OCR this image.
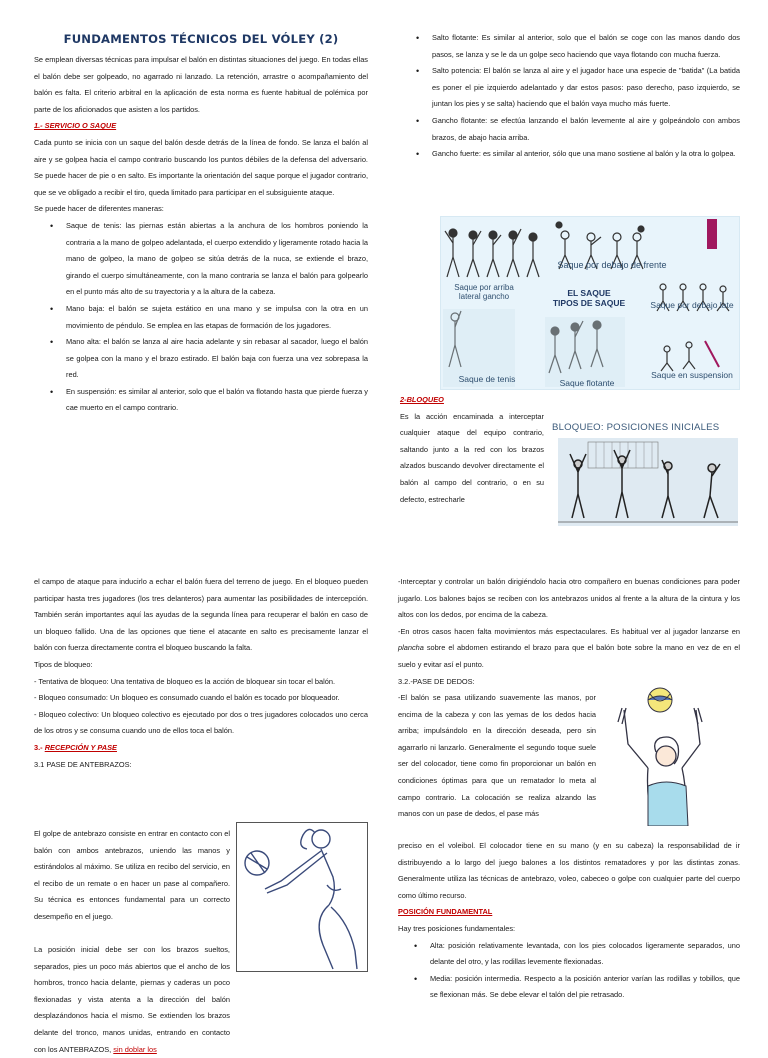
FUNDAMENTOS TÉCNICOS DEL VÓLEY (2)

Se emplean diversas técnicas para impulsar el balón en distintas situaciones del juego. En todas ellas el balón debe ser golpeado, no agarrado ni lanzado. La retención, arrastre o acompañamiento del balón es falta. El criterio arbitral en la aplicación de esta norma es fuente habitual de polémica por parte de los aficionados que asisten a los partidos.

1.- SERVICIO O SAQUE

Cada punto se inicia con un saque del balón desde detrás de la línea de fondo. Se lanza el balón al aire y se golpea hacia el campo contrario buscando los puntos débiles de la defensa del adversario. Se puede hacer de pie o en salto. Es importante la orientación del saque porque el jugador contrario, que se ve obligado a recibir el tiro, queda limitado para participar en el subsiguiente ataque.

Se puede hacer de diferentes maneras:

• Saque de tenis: las piernas están abiertas a la anchura de los hombros poniendo la contraria a la mano de golpeo adelantada, el cuerpo extendido y ligeramente rotado hacia la mano de golpeo, la mano de golpeo se sitúa detrás de la nuca, se extiende el brazo, girando el cuerpo simultáneamente, con la mano contraria se lanza el balón para golpearlo en el punto más alto de su trayectoria y a la altura de la cabeza.
• Mano baja: el balón se sujeta estático en una mano y se impulsa con la otra en un movimiento de péndulo. Se emplea en las etapas de formación de los jugadores.
• Mano alta: el balón se lanza al aire hacia adelante y sin rebasar al sacador, luego el balón se golpea con la mano y el brazo estirado. El balón baja con fuerza una vez sobrepasa la red.
• En suspensión: es similar al anterior, solo que el balón va flotando hasta que pierde fuerza y cae muerto en el campo contrario.
• Salto flotante: Es similar al anterior, solo que el balón se coge con las manos dando dos pasos, se lanza y se le da un golpe seco haciendo que vaya flotando con mucha fuerza.
• Salto potencia: El balón se lanza al aire y el jugador hace una especie de "batida" (La batida es poner el pie izquierdo adelantado y dar estos pasos: paso derecho, paso izquierdo, se juntan los pies y se salta) haciendo que el balón vaya mucho más fuerte.
• Gancho flotante: se efectúa lanzando el balón levemente al aire y golpeándolo con ambos brazos, de abajo hacia arriba.
• Gancho fuerte: es similar al anterior, sólo que una mano sostiene al balón y la otra lo golpea.
Saque por debajo de frente
Saque por arriba lateral gancho	EL SAQUE
TIPOS DE SAQUE	Saque por debajo late
Saque de tenis	Saque flotante
Saque en suspension

2-BLOQUEO

Es la acción encaminada a interceptar cualquier ataque del equipo contrario, saltando junto a la red con los brazos alzados buscando devolver directamente el balón al campo del contrario, o en su defecto, estrecharle

BLOQUEO: POSICIONES INICIALES

el campo de ataque para inducirlo a echar el balón fuera del terreno de juego. En el bloqueo pueden participar hasta tres jugadores (los tres delanteros) para aumentar las posibilidades de intercepción. También serán importantes aquí las ayudas de la segunda línea para recuperar el balón en caso de un bloqueo fallido. Una de las opciones que tiene el atacante en salto es precisamente lanzar el balón con fuerza directamente contra el bloqueo buscando la falta.

Tipos de bloqueo:

- Tentativa de bloqueo: Una tentativa de bloqueo es la acción de bloquear sin tocar el balón.

- Bloqueo consumado: Un bloqueo es consumado cuando el balón es tocado por bloqueador.

- Bloqueo colectivo: Un bloqueo colectivo es ejecutado por dos o tres jugadores colocados uno cerca de los otros y se consuma cuando uno de ellos toca el balón.

3.- RECEPCIÓN Y PASE

3.1 PASE DE ANTEBRAZOS:

El golpe de antebrazo consiste en entrar en contacto con el balón con ambos antebrazos, uniendo las manos y estirándolos al máximo. Se utiliza en recibo del servicio, en el recibo de un remate o en hacer un pase al compañero. Su técnica es entonces fundamental para un correcto desempeño en el juego.

La posición inicial debe ser con los brazos sueltos, separados, pies un poco más abiertos que el ancho de los hombros, tronco hacia delante, piernas y caderas un poco flexionadas y vista atenta a la dirección del balón desplazándonos hacia el mismo. Se extienden los brazos delante del tronco, manos unidas, entrando en contacto con los ANTEBRAZOS, sin doblar los

-Interceptar y controlar un balón dirigiéndolo hacia otro compañero en buenas condiciones para poder jugarlo. Los balones bajos se reciben con los antebrazos unidos al frente a la altura de la cintura y los altos con los dedos, por encima de la cabeza.

-En otros casos hacen falta movimientos más espectaculares. Es habitual ver al jugador lanzarse en plancha sobre el abdomen estirando el brazo para que el balón bote sobre la mano en vez de en el suelo y evitar así el punto.

3.2.-PASE DE DEDOS:

-El balón se pasa utilizando suavemente las manos, por encima de la cabeza y con las yemas de los dedos hacia arriba; impulsándolo en la dirección deseada, pero sin agarrarlo ni lanzarlo. Generalmente el segundo toque suele ser del colocador, tiene como fin proporcionar un balón en condiciones óptimas para que un rematador lo meta al campo contrario. La colocación se realiza alzando las manos con un pase de dedos, el pase más

preciso en el voleibol. El colocador tiene en su mano (y en su cabeza) la responsabilidad de ir distribuyendo a lo largo del juego balones a los distintos rematadores y por las distintas zonas. Generalmente utiliza las técnicas de antebrazo, voleo, cabeceo o golpe con cualquier parte del cuerpo como último recurso.

POSICIÓN FUNDAMENTAL

Hay tres posiciones fundamentales:

• Alta: posición relativamente levantada, con los pies colocados ligeramente separados, uno delante del otro, y las rodillas levemente flexionadas.
• Media: posición intermedia. Respecto a la posición anterior varían las rodillas y tobillos, que se flexionan más. Se debe elevar el talón del pie retrasado.
